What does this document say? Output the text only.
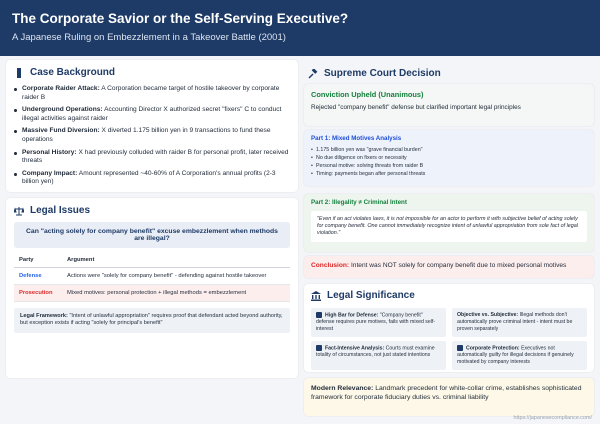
The Corporate Savior or the Self-Serving Executive?
A Japanese Ruling on Embezzlement in a Takeover Battle (2001)
Case Background
Corporate Raider Attack: A Corporation became target of hostile takeover by corporate raider B
Underground Operations: Accounting Director X authorized secret "fixers" C to conduct illegal activities against raider
Massive Fund Diversion: X diverted 1.175 billion yen in 9 transactions to fund these operations
Personal History: X had previously colluded with raider B for personal profit, later received threats
Company Impact: Amount represented ~40-60% of A Corporation's annual profits (2-3 billion yen)
Legal Issues
Can "acting solely for company benefit" excuse embezzlement when methods are illegal?
Party	Argument
Defense	Actions were "solely for company benefit" - defending against hostile takeover
Prosecution	Mixed motives: personal protection + illegal methods = embezzlement
Legal Framework: "Intent of unlawful appropriation" requires proof that defendant acted beyond authority, but exception exists if acting "solely for principal's benefit"
Supreme Court Decision
Conviction Upheld (Unanimous)
Rejected "company benefit" defense but clarified important legal principles
Part 1: Mixed Motives Analysis
• 1.175 billion yen was "grave financial burden"
• No due diligence on fixers or necessity
• Personal motive: solving threats from raider B
• Timing: payments began after personal threats
Part 2: Illegality ≠ Criminal Intent
"Even if an act violates laws, it is not impossible for an actor to perform it with subjective belief of acting solely for company benefit. One cannot immediately recognize intent of unlawful appropriation from sole fact of legal violation."
Conclusion: Intent was NOT solely for company benefit due to mixed personal motives
Legal Significance
High Bar for Defense: "Company benefit" defense requires pure motives, fails with mixed self-interest
Objective vs. Subjective: Illegal methods don't automatically prove criminal intent - intent must be proven separately
Fact-Intensive Analysis: Courts must examine totality of circumstances, not just stated intentions
Corporate Protection: Executives not automatically guilty for illegal decisions if genuinely motivated by company interests
Modern Relevance: Landmark precedent for white-collar crime, establishes sophisticated framework for corporate fiduciary duties vs. criminal liability
https://japanesecompliance.com/
